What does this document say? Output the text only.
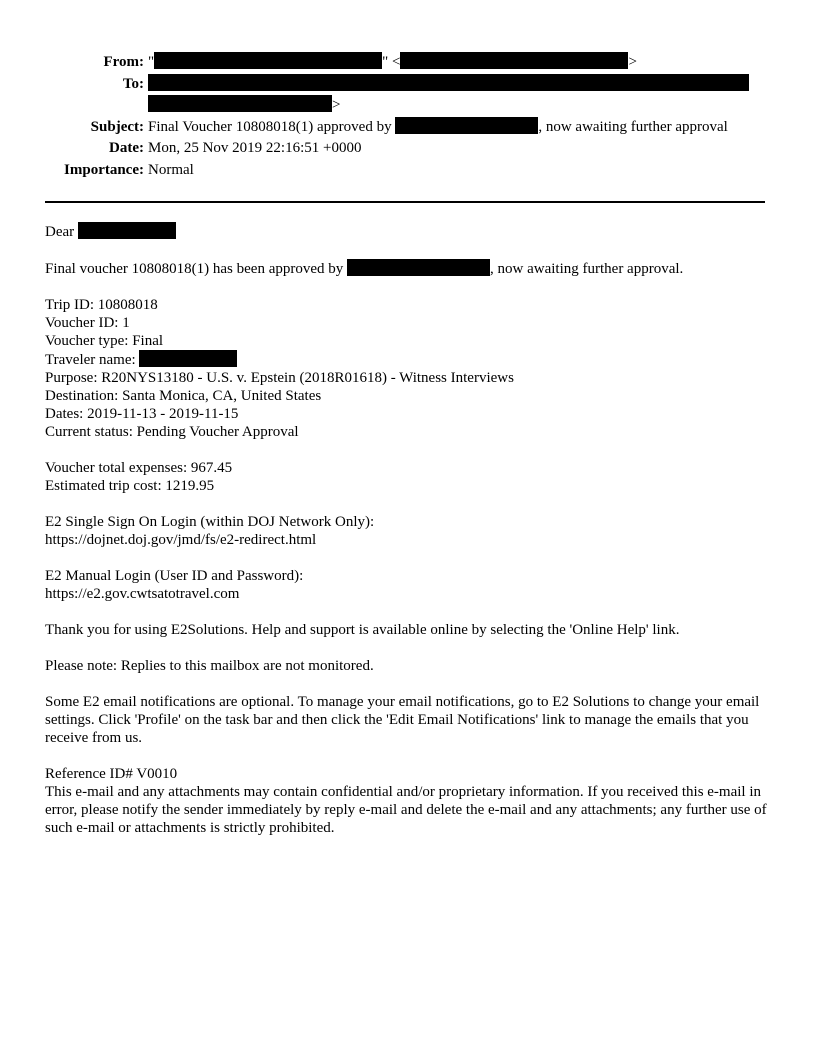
From: "	" <	>
To:
>
Subject: Final Voucher 10808018(1) approved by	, now awaiting further approval
Date: Mon, 25 Nov 2019 22:16:51 +0000
Importance: Normal
Dear
Final voucher 10808018(1) has been approved by	, now awaiting further approval.
Trip ID: 10808018
Voucher ID: 1
Voucher type: Final
Traveler name:
Purpose: R20NYS13180 - U.S. v. Epstein (2018R01618) - Witness Interviews
Destination: Santa Monica, CA, United States
Dates: 2019-11-13 - 2019-11-15
Current status: Pending Voucher Approval
Voucher total expenses: 967.45
Estimated trip cost: 1219.95
E2 Single Sign On Login (within DOJ Network Only):
https://dojnet.doj.gov/jmd/fs/e2-redirect.html
E2 Manual Login (User ID and Password):
https://e2.gov.cwtsatotravel.com
Thank you for using E2Solutions. Help and support is available online by selecting the 'Online Help' link.
Please note: Replies to this mailbox are not monitored.
Some E2 email notifications are optional. To manage your email notifications, go to E2 Solutions to change your email settings. Click 'Profile' on the task bar and then click the 'Edit Email Notifications' link to manage the emails that you receive from us.
Reference ID# V0010
This e-mail and any attachments may contain confidential and/or proprietary information. If you received this e-mail in error, please notify the sender immediately by reply e-mail and delete the e-mail and any attachments; any further use of such e-mail or attachments is strictly prohibited.
